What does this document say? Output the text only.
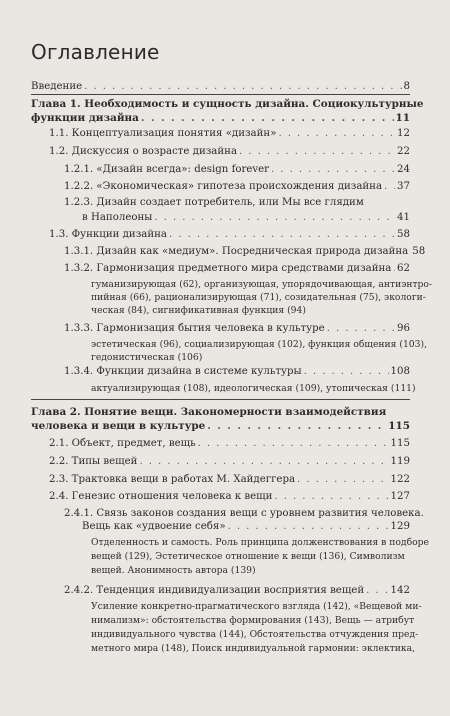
Оглавление
Введение . . .	8
Глава 1. Необходимость и сущность дизайна. Социокультурные
функции дизайна . . .	11
1.1. Концептуализация понятия «дизайн» . . .	12
1.2. Дискуссия о возрасте дизайна . . .	22
1.2.1. «Дизайн всегда»: design forever . . .	24
1.2.2. «Экономическая» гипотеза происхождения дизайна . . . 37
1.2.3. Дизайн создает потребитель, или Мы все глядим
в Наполеоны . . .	41
1.3. Функции дизайна . . .	58
1.3.1. Дизайн как «медиум». Посредническая природа дизайна 58
1.3.2. Гармонизация предметного мира средствами дизайна . . . 62
гуманизирующая (62), организующая, упорядочивающая, антиэнтро-
пийная (66), рационализирующая (71), созидательная (75), экологи-
ческая (84), сигнификативная функция (94)
1.3.3. Гармонизация бытия человека в культуре . . .	96
эстетическая (96), социализирующая (102), функция общения (103),
гедонистическая (106)
1.3.4. Функции дизайна в системе культуры . . .	108
актуализирующая (108), идеологическая (109), утопическая (111)
Глава 2. Понятие вещи. Закономерности взаимодействия
человека и вещи в культуре . . .	115
2.1. Объект, предмет, вещь . . .	115
2.2. Типы вещей . . .	119
2.3. Трактовка вещи в работах М. Хайдеггера . . .	122
2.4. Генезис отношения человека к вещи . . .	127
2.4.1. Связь законов создания вещи с уровнем развития человека.
Вещь как «удвоение себя» . . .	129
Отделенность и самость. Роль принципа долженствования в подборе
вещей (129), Эстетическое отношение к вещи (136), Символизм
вещей. Анонимность автора (139)
2.4.2. Тенденция индивидуализации восприятия вещей . . .	142
Усиление конкретно-прагматического взгляда (142), «Вещевой ми-
нимализм»: обстоятельства формирования (143), Вещь — атрибут
индивидуального чувства (144), Обстоятельства отчуждения пред-
метного мира (148), Поиск индивидуальной гармонии: эклектика,
